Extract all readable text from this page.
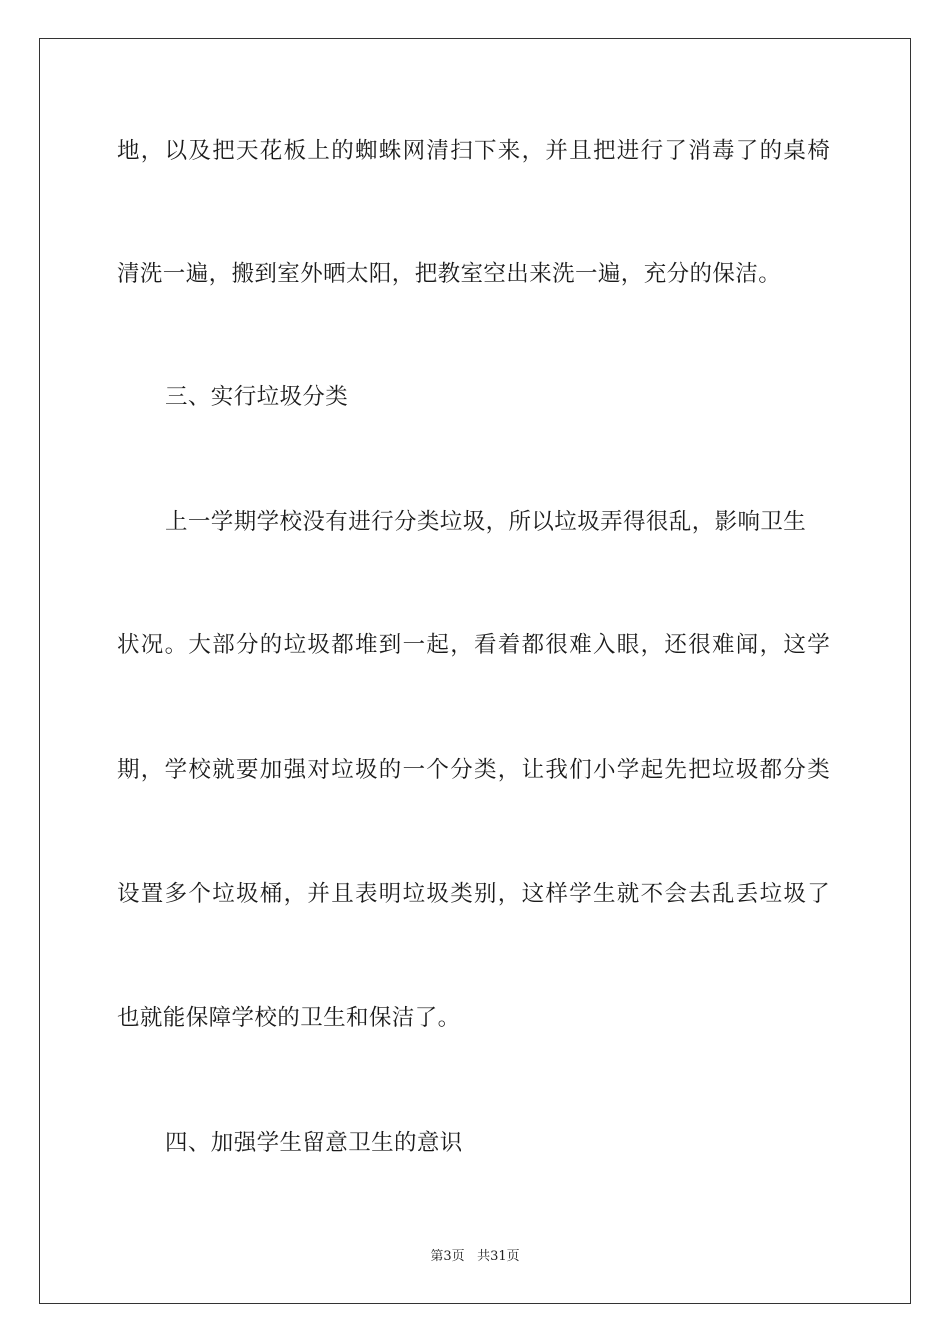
地，以及把天花板上的蜘蛛网清扫下来，并且把进行了消毒了的桌椅
清洗一遍，搬到室外晒太阳，把教室空出来洗一遍，充分的保洁。
三、实行垃圾分类
上一学期学校没有进行分类垃圾，所以垃圾弄得很乱，影响卫生
状况。大部分的垃圾都堆到一起，看着都很难入眼，还很难闻，这学
期，学校就要加强对垃圾的一个分类，让我们小学起先把垃圾都分类
设置多个垃圾桶，并且表明垃圾类别，这样学生就不会去乱丢垃圾了
也就能保障学校的卫生和保洁了。
四、加强学生留意卫生的意识
第3页 共31页
